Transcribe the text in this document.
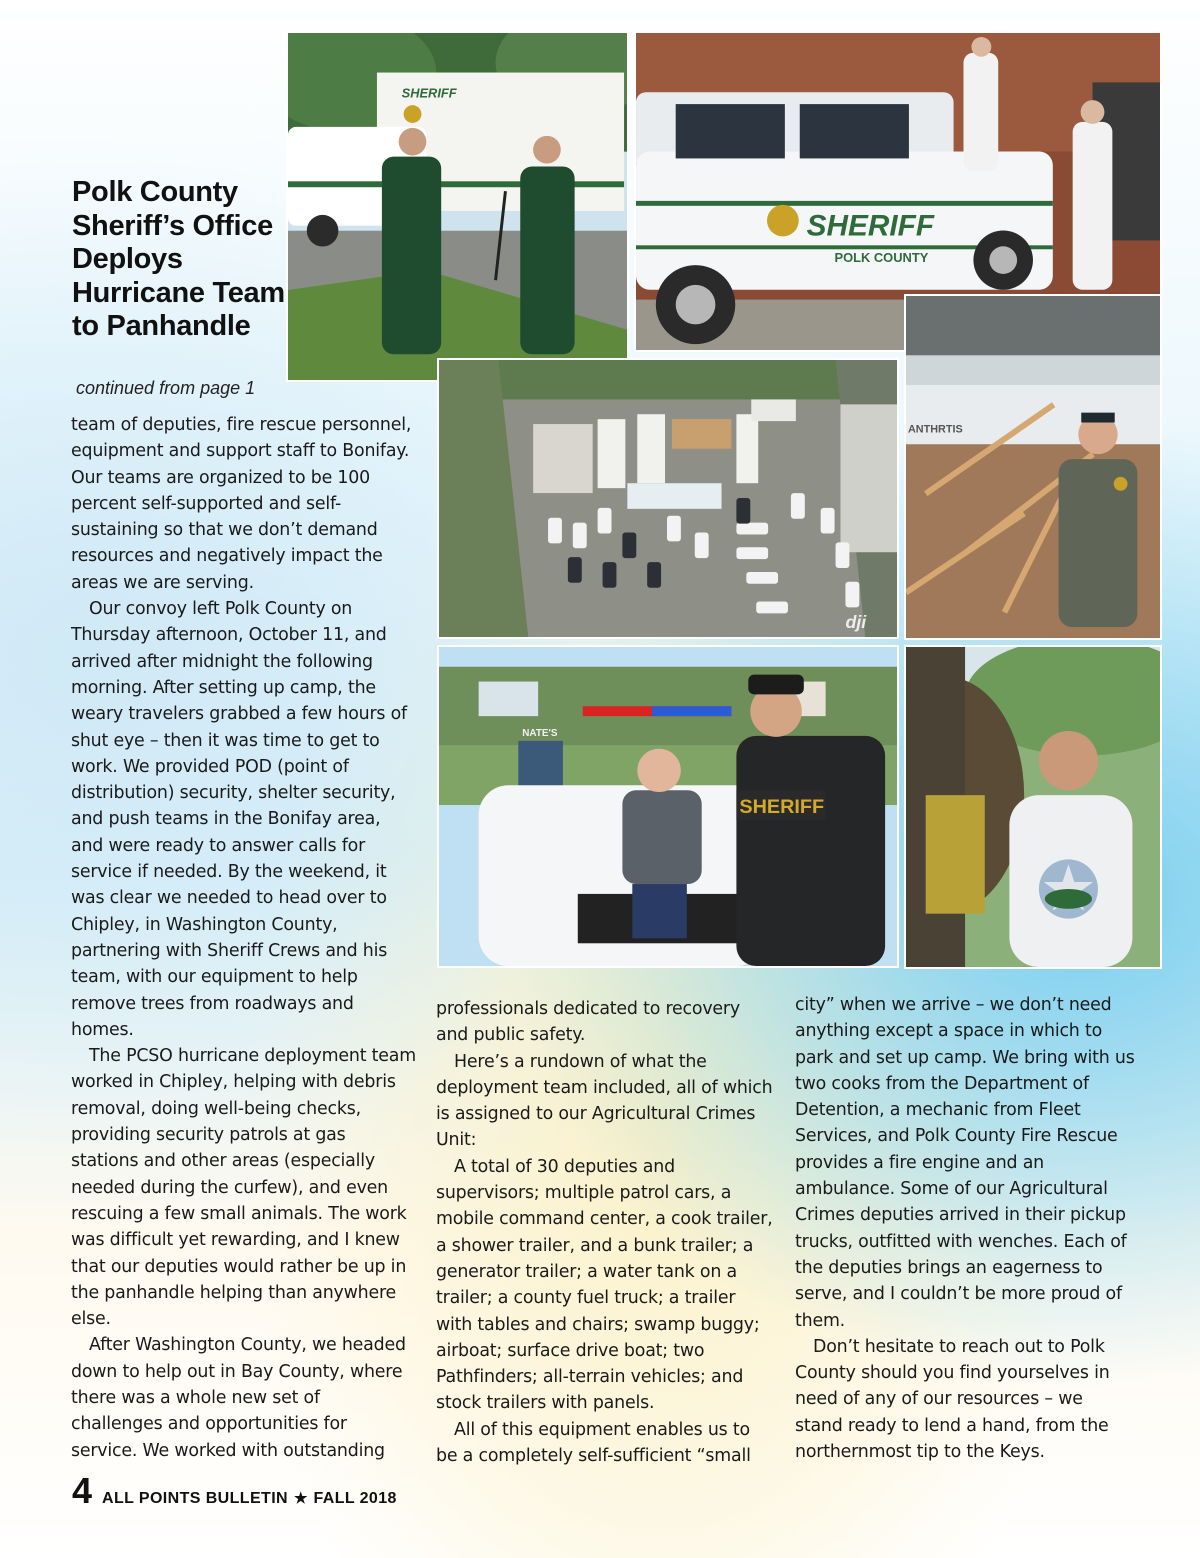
Polk County Sheriff’s Office Deploys Hurricane Team to Panhandle

continued from page 1

team of deputies, fire rescue personnel, equipment and support staff to Bonifay. Our teams are organized to be 100 percent self-supported and self-sustaining so that we don’t demand resources and negatively impact the areas we are serving.

Our convoy left Polk County on Thursday afternoon, October 11, and arrived after midnight the following morning. After setting up camp, the weary travelers grabbed a few hours of shut eye – then it was time to get to work. We provided POD (point of distribution) security, shelter security, and push teams in the Bonifay area, and were ready to answer calls for service if needed. By the weekend, it was clear we needed to head over to Chipley, in Washington County, partnering with Sheriff Crews and his team, with our equipment to help remove trees from roadways and homes.

The PCSO hurricane deployment team worked in Chipley, helping with debris removal, doing well-being checks, providing security patrols at gas stations and other areas (especially needed during the curfew), and even rescuing a few small animals. The work was difficult yet rewarding, and I knew that our deputies would rather be up in the panhandle helping than anywhere else.

After Washington County, we headed down to help out in Bay County, where there was a whole new set of challenges and opportunities for service. We worked with outstanding

professionals dedicated to recovery and public safety.

Here’s a rundown of what the deployment team included, all of which is assigned to our Agricultural Crimes Unit:

A total of 30 deputies and supervisors; multiple patrol cars, a mobile command center, a cook trailer, a shower trailer, and a bunk trailer; a generator trailer; a water tank on a trailer; a county fuel truck; a trailer with tables and chairs; swamp buggy; airboat; surface drive boat; two Pathfinders; all-terrain vehicles; and stock trailers with panels.

All of this equipment enables us to be a completely self-sufficient “small

city” when we arrive – we don’t need anything except a space in which to park and set up camp. We bring with us two cooks from the Department of Detention, a mechanic from Fleet Services, and Polk County Fire Rescue provides a fire engine and an ambulance. Some of our Agricultural Crimes deputies arrived in their pickup trucks, outfitted with wenches. Each of the deputies brings an eagerness to serve, and I couldn’t be more proud of them.

Don’t hesitate to reach out to Polk County should you find yourselves in need of any of our resources – we stand ready to lend a hand, from the northernmost tip to the Keys.

SHERIFF
SHERIFF
POLK COUNTY
dji
ANTHRTIS
NATE'S
SHERIFF
4 ALL POINTS BULLETIN ★ FALL 2018
